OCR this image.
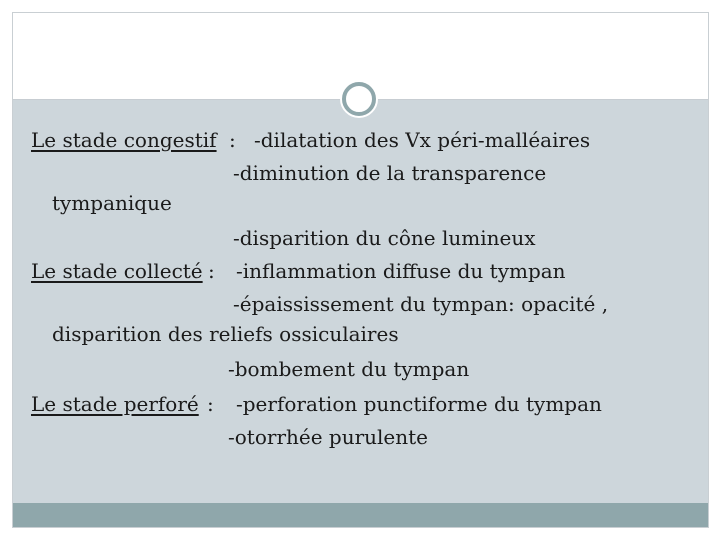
Le stade congestif : -dilatation des Vx péri-malléaires
-diminution de la transparence
tympanique
-disparition du cône lumineux
Le stade collecté : -inflammation diffuse du tympan
-épaississement du tympan: opacité ,
disparition des reliefs ossiculaires
-bombement du tympan
Le stade perforé : -perforation punctiforme du tympan
-otorrhée purulente
